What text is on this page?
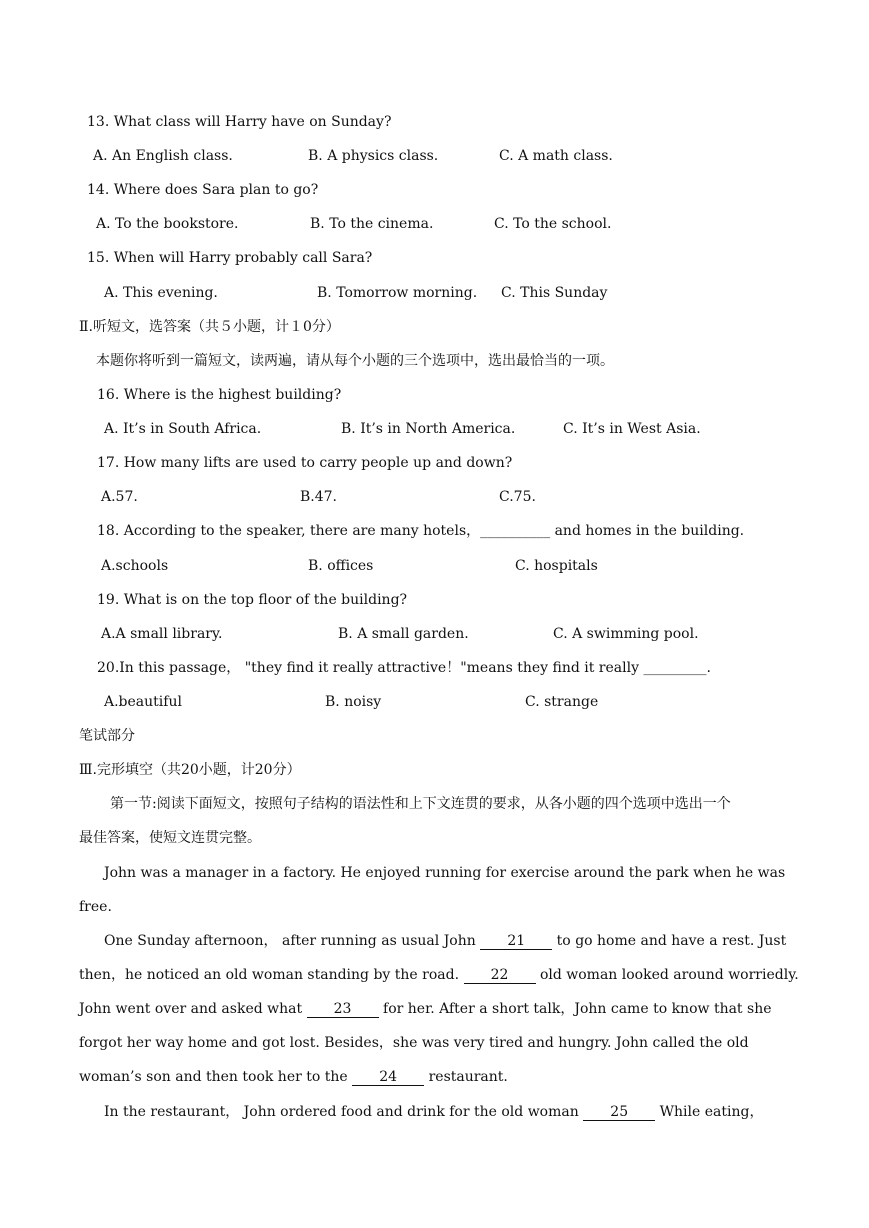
13. What class will Harry have on Sunday?
A. An English class.	B. A physics class.	C. A math class.
14. Where does Sara plan to go?
A. To the bookstore.	B. To the cinema.	C. To the school.
15. When will Harry probably call Sara?
A. This evening.	B. Tomorrow morning. C. This Sunday
Ⅱ.听短文，选答案（共５小题，计１0分）
本题你将听到一篇短文，读两遍，请从每个小题的三个选项中，选出最恰当的一项。
16. Where is the highest building?
A. It’s in South Africa.	B. It’s in North America.	C. It’s in West Asia.
17. How many lifts are used to carry people up and down?
A.57.	B.47.	C.75.
18. According to the speaker, there are many hotels，__________ and homes in the building.
A.schools	B. offices	C. hospitals
19. What is on the top floor of the building?
A.A small library.	B. A small garden.	C. A swimming pool.
20.In this passage， "they find it really attractive！"means they find it really _________.
A.beautiful	B. noisy	C. strange
笔试部分
Ⅲ.完形填空（共20小题，计20分）
第一节:阅读下面短文，按照句子结构的语法性和上下文连贯的要求，从各小题的四个选项中选出一个
最佳答案，使短文连贯完整。
John was a manager in a factory. He enjoyed running for exercise around the park when he was
free.
One Sunday afternoon， after running as usual John 21 to go home and have a rest. Just
then，he noticed an old woman standing by the road. 22 old woman looked around worriedly.
John went over and asked what 23 for her. After a short talk，John came to know that she
forgot her way home and got lost. Besides，she was very tired and hungry. John called the old
woman’s son and then took her to the 24 restaurant.
In the restaurant， John ordered food and drink for the old woman 25 While eating，
